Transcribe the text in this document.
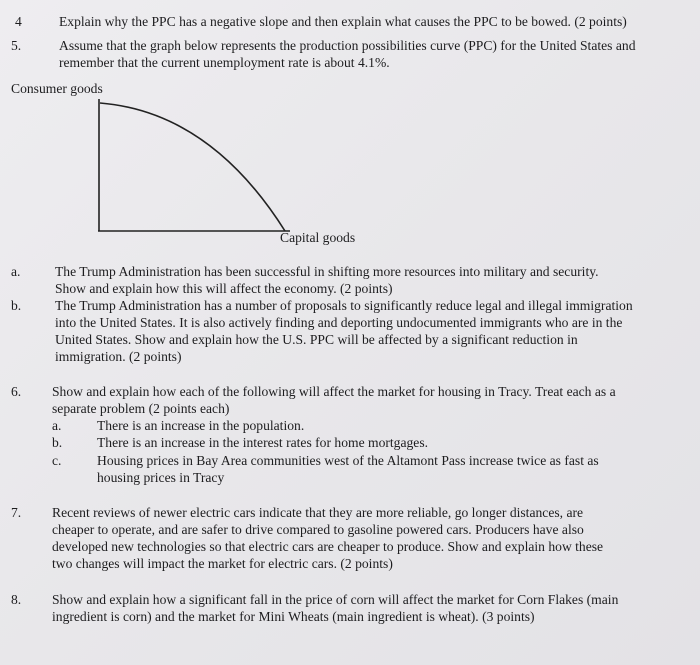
4	Explain why the PPC has a negative slope and then explain what causes the PPC to be bowed. (2 points)
5.	Assume that the graph below represents the production possibilities curve (PPC) for the United States and
remember that the current unemployment rate is about 4.1%.
Consumer goods
Capital goods
a.	The Trump Administration has been successful in shifting more resources into military and security.
Show and explain how this will affect the economy. (2 points)
b. The Trump Administration has a number of proposals to significantly reduce legal and illegal immigration
into the United States. It is also actively finding and deporting undocumented immigrants who are in the
United States. Show and explain how the U.S. PPC will be affected by a significant reduction in
immigration. (2 points)
6. Show and explain how each of the following will affect the market for housing in Tracy. Treat each as a
separate problem (2 points each)
a.	There is an increase in the population.
b.	There is an increase in the interest rates for home mortgages.
c.	Housing prices in Bay Area communities west of the Altamont Pass increase twice as fast as
housing prices in Tracy
7. Recent reviews of newer electric cars indicate that they are more reliable, go longer distances, are
cheaper to operate, and are safer to drive compared to gasoline powered cars. Producers have also
developed new technologies so that electric cars are cheaper to produce. Show and explain how these
two changes will impact the market for electric cars. (2 points)
8. Show and explain how a significant fall in the price of corn will affect the market for Corn Flakes (main
ingredient is corn) and the market for Mini Wheats (main ingredient is wheat). (3 points)
